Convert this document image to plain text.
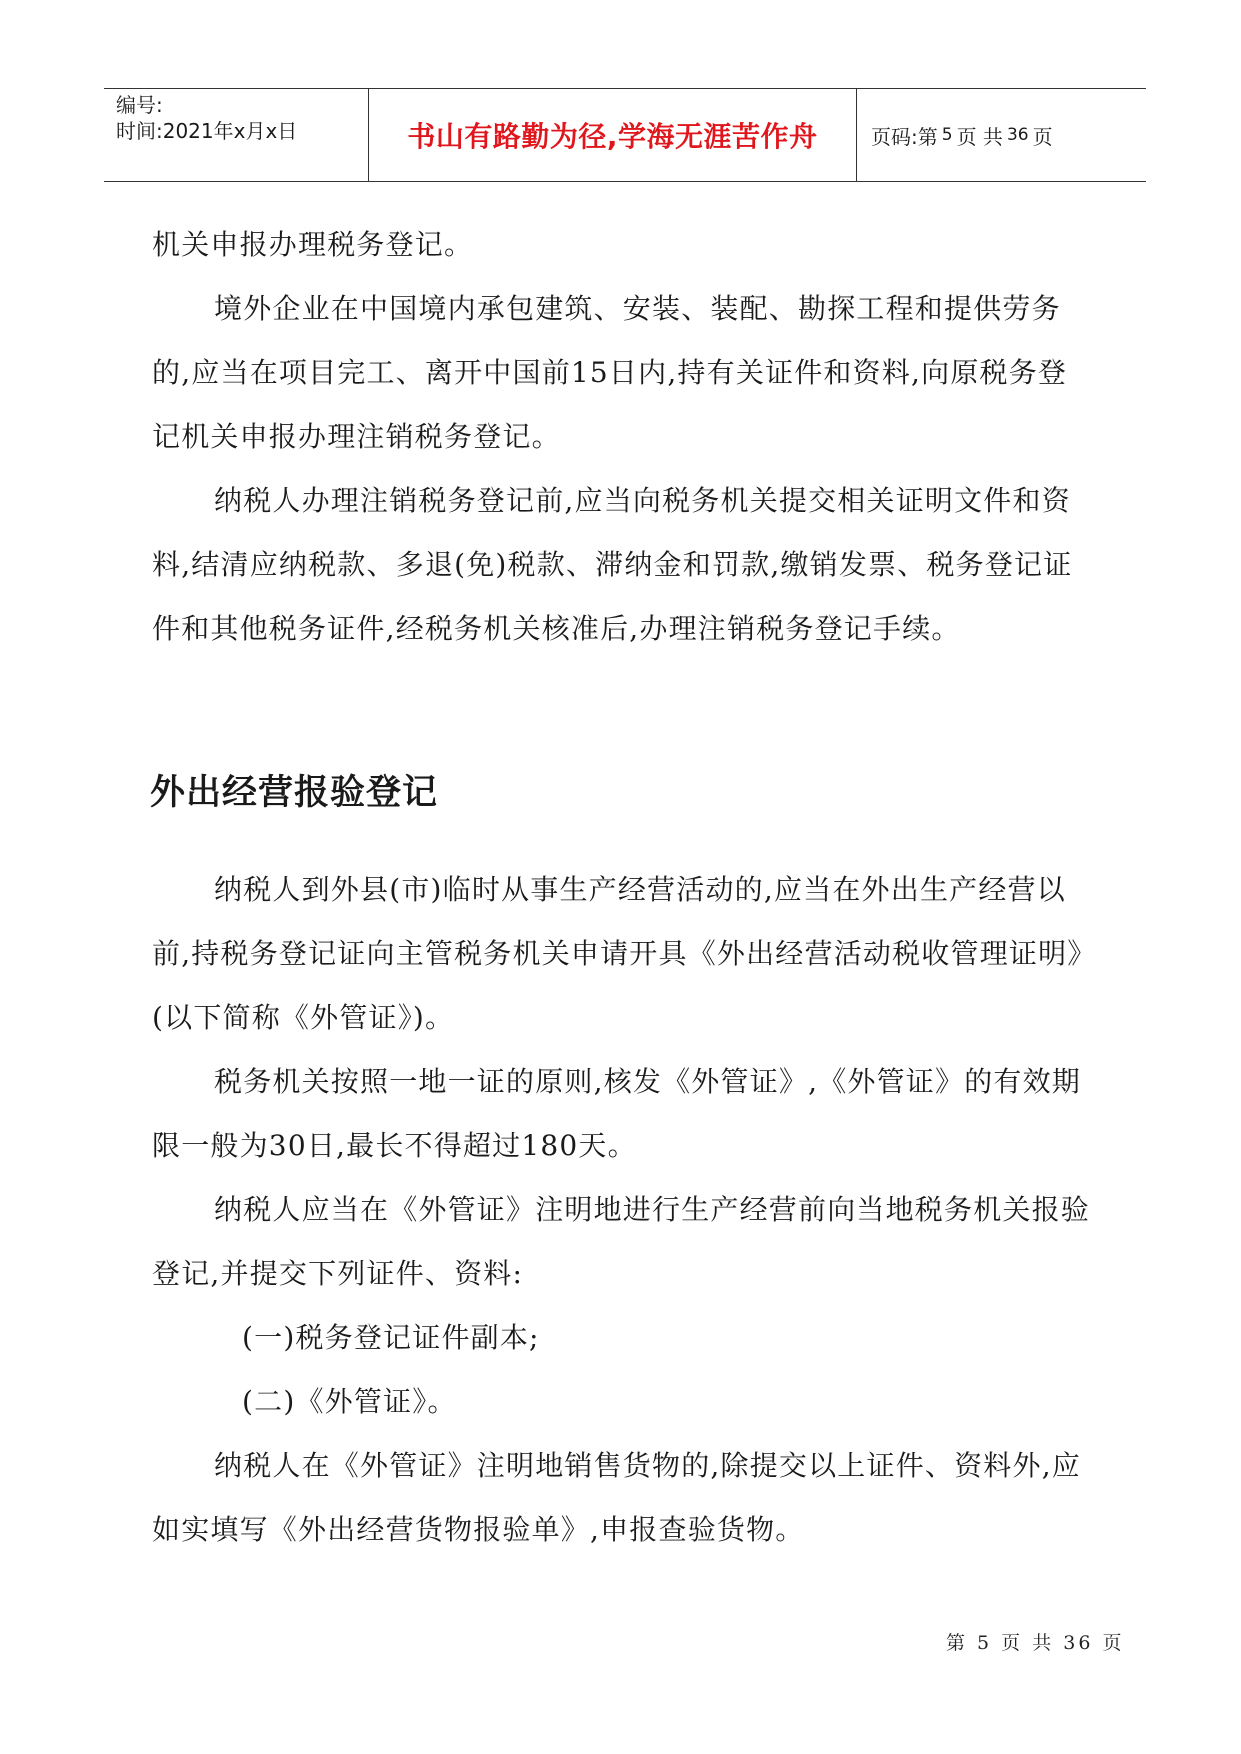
编号:
时间:2021年x月x日	书山有路勤为径,学海无涯苦作舟	页码:第 5 页 共 36 页

机关申报办理税务登记。

境外企业在中国境内承包建筑、安装、装配、勘探工程和提供劳务的,应当在项目完工、离开中国前15日内,持有关证件和资料,向原税务登记机关申报办理注销税务登记。

纳税人办理注销税务登记前,应当向税务机关提交相关证明文件和资料,结清应纳税款、多退(免)税款、滞纳金和罚款,缴销发票、税务登记证件和其他税务证件,经税务机关核准后,办理注销税务登记手续。

外出经营报验登记

纳税人到外县(市)临时从事生产经营活动的,应当在外出生产经营以前,持税务登记证向主管税务机关申请开具《外出经营活动税收管理证明》(以下简称《外管证》)。

税务机关按照一地一证的原则,核发《外管证》,《外管证》的有效期限一般为30日,最长不得超过180天。

纳税人应当在《外管证》注明地进行生产经营前向当地税务机关报验登记,并提交下列证件、资料:

(一)税务登记证件副本;

(二)《外管证》。

纳税人在《外管证》注明地销售货物的,除提交以上证件、资料外,应如实填写《外出经营货物报验单》,申报查验货物。

第 5 页 共 36 页
